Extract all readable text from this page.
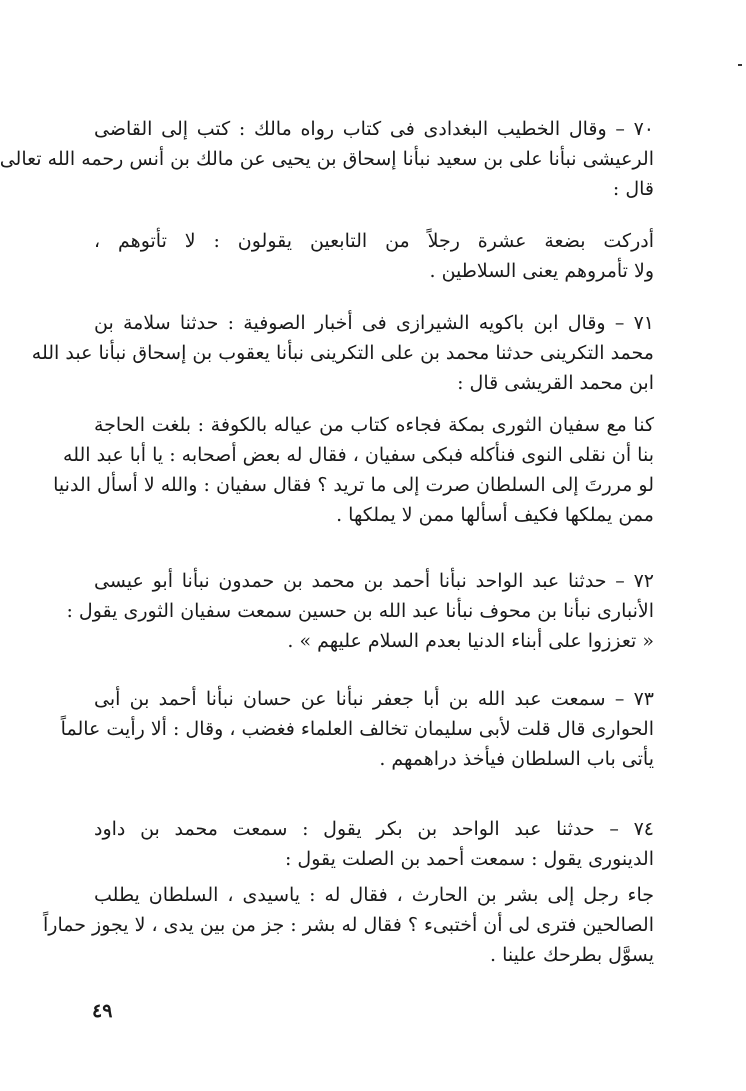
٧٠ – وقال الخطيب البغدادى فى كتاب رواه مالك : كتب إلى القاضى
الرعيشى نبأنا على بن سعيد نبأنا إسحاق بن يحيى عن مالك بن أنس رحمه الله تعالى
قال :
أدركت بضعة عشرة رجلاً من التابعين يقولون : لا تأتوهم ،
ولا تأمروهم يعنى السلاطين .
٧١ – وقال ابن باكويه الشيرازى فى أخبار الصوفية : حدثنا سلامة بن
محمد التكرينى حدثنا محمد بن على التكرينى نبأنا يعقوب بن إسحاق نبأنا عبد الله
ابن محمد القريشى قال :
كنا مع سفيان الثورى بمكة فجاءه كتاب من عياله بالكوفة : بلغت الحاجة
بنا أن نقلى النوى فنأكله فبكى سفيان ، فقال له بعض أصحابه : يا أبا عبد الله
لو مررتَ إلى السلطان صرت إلى ما تريد ؟ فقال سفيان : والله لا أسأل الدنيا
ممن يملكها فكيف أسألها ممن لا يملكها .
٧٢ – حدثنا عبد الواحد نبأنا أحمد بن محمد بن حمدون نبأنا أبو عيسى
الأنبارى نبأنا بن محوف نبأنا عبد الله بن حسين سمعت سفيان الثورى يقول :
« تعززوا على أبناء الدنيا بعدم السلام عليهم » .
٧٣ – سمعت عبد الله بن أبا جعفر نبأنا عن حسان نبأنا أحمد بن أبى
الحوارى قال قلت لأبى سليمان تخالف العلماء فغضب ، وقال : ألا رأيت عالماً
يأتى باب السلطان فيأخذ دراهمهم .
٧٤ – حدثنا عبد الواحد بن بكر يقول : سمعت محمد بن داود
الدينورى يقول : سمعت أحمد بن الصلت يقول :
جاء رجل إلى بشر بن الحارث ، فقال له : ياسيدى ، السلطان يطلب
الصالحين فترى لى أن أختبىء ؟ فقال له بشر : جز من بين يدى ، لا يجوز حماراً
يسوَّل بطرحك علينا .
٤٩
